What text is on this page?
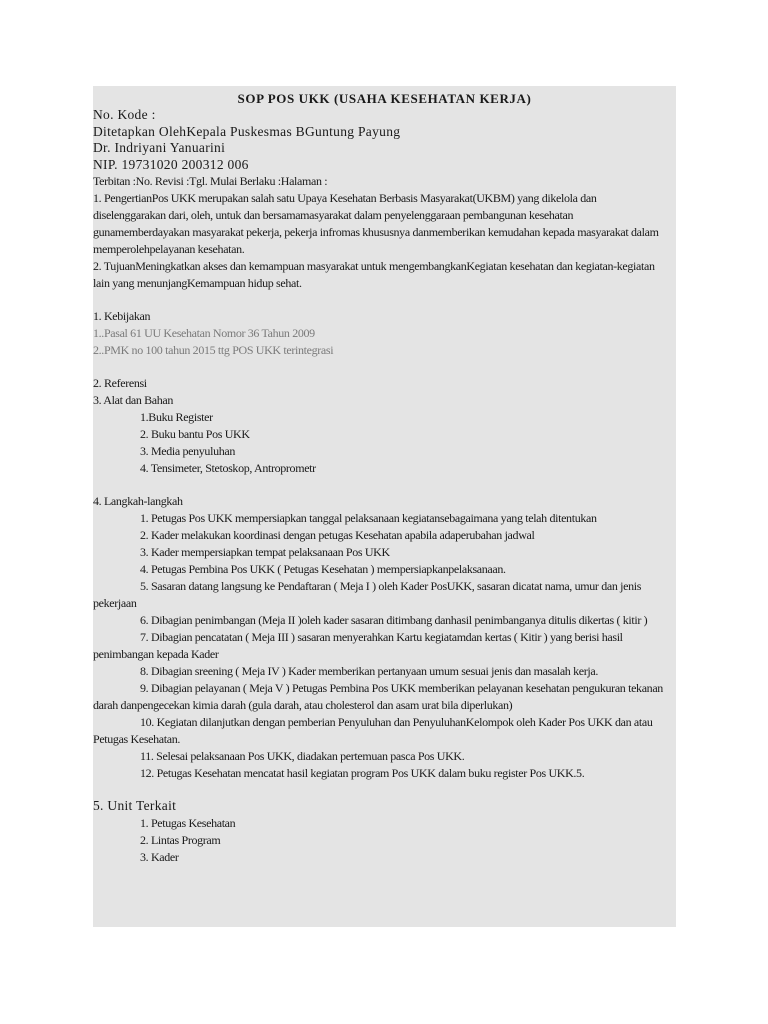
SOP POS UKK (USAHA KESEHATAN KERJA)
No. Kode :
Ditetapkan OlehKepala Puskesmas BGuntung Payung
Dr. Indriyani Yanuarini
NIP. 19731020 200312 006
Terbitan :No. Revisi :Tgl. Mulai Berlaku :Halaman :
1. PengertianPos UKK merupakan salah satu Upaya Kesehatan Berbasis Masyarakat(UKBM) yang dikelola dan diselenggarakan dari, oleh, untuk dan bersamamasyarakat dalam penyelenggaraan pembangunan kesehatan gunamemberdayakan masyarakat pekerja, pekerja infromas khususnya danmemberikan kemudahan kepada masyarakat dalam memperolehpelayanan kesehatan.
2. TujuanMeningkatkan akses dan kemampuan masyarakat untuk mengembangkanKegiatan kesehatan dan kegiatan-kegiatan lain yang menunjangKemampuan hidup sehat.
1. Kebijakan
1..Pasal 61 UU Kesehatan Nomor 36 Tahun 2009
2..PMK no 100 tahun 2015 ttg POS UKK terintegrasi
2. Referensi
3. Alat dan Bahan
1.Buku Register
2. Buku bantu Pos UKK
3. Media penyuluhan
4. Tensimeter, Stetoskop, Antroprometr
4. Langkah-langkah
1. Petugas Pos UKK mempersiapkan tanggal pelaksanaan kegiatansebagaimana yang telah ditentukan
2. Kader melakukan koordinasi dengan petugas Kesehatan apabila adaperubahan jadwal
3. Kader mempersiapkan tempat pelaksanaan Pos UKK
4. Petugas Pembina Pos UKK ( Petugas Kesehatan ) mempersiapkanpelaksanaan.
5. Sasaran datang langsung ke Pendaftaran ( Meja I ) oleh Kader PosUKK, sasaran dicatat nama, umur dan jenis pekerjaan
6. Dibagian penimbangan (Meja II )oleh kader sasaran ditimbang danhasil penimbanganya ditulis dikertas ( kitir )
7. Dibagian pencatatan ( Meja III ) sasaran menyerahkan Kartu kegiatamdan kertas ( Kitir ) yang berisi hasil penimbangan kepada Kader
8. Dibagian sreening ( Meja IV ) Kader memberikan pertanyaan umum sesuai jenis dan masalah kerja.
9. Dibagian pelayanan ( Meja V ) Petugas Pembina Pos UKK memberikan pelayanan kesehatan pengukuran tekanan darah danpengecekan kimia darah (gula darah, atau cholesterol dan asam urat bila diperlukan)
10. Kegiatan dilanjutkan dengan pemberian Penyuluhan dan PenyuluhanKelompok oleh Kader Pos UKK dan atau Petugas Kesehatan.
11. Selesai pelaksanaan Pos UKK, diadakan pertemuan pasca Pos UKK.
12. Petugas Kesehatan mencatat hasil kegiatan program Pos UKK dalam buku register Pos UKK.5.
5. Unit Terkait
1. Petugas Kesehatan
2. Lintas Program
3. Kader
